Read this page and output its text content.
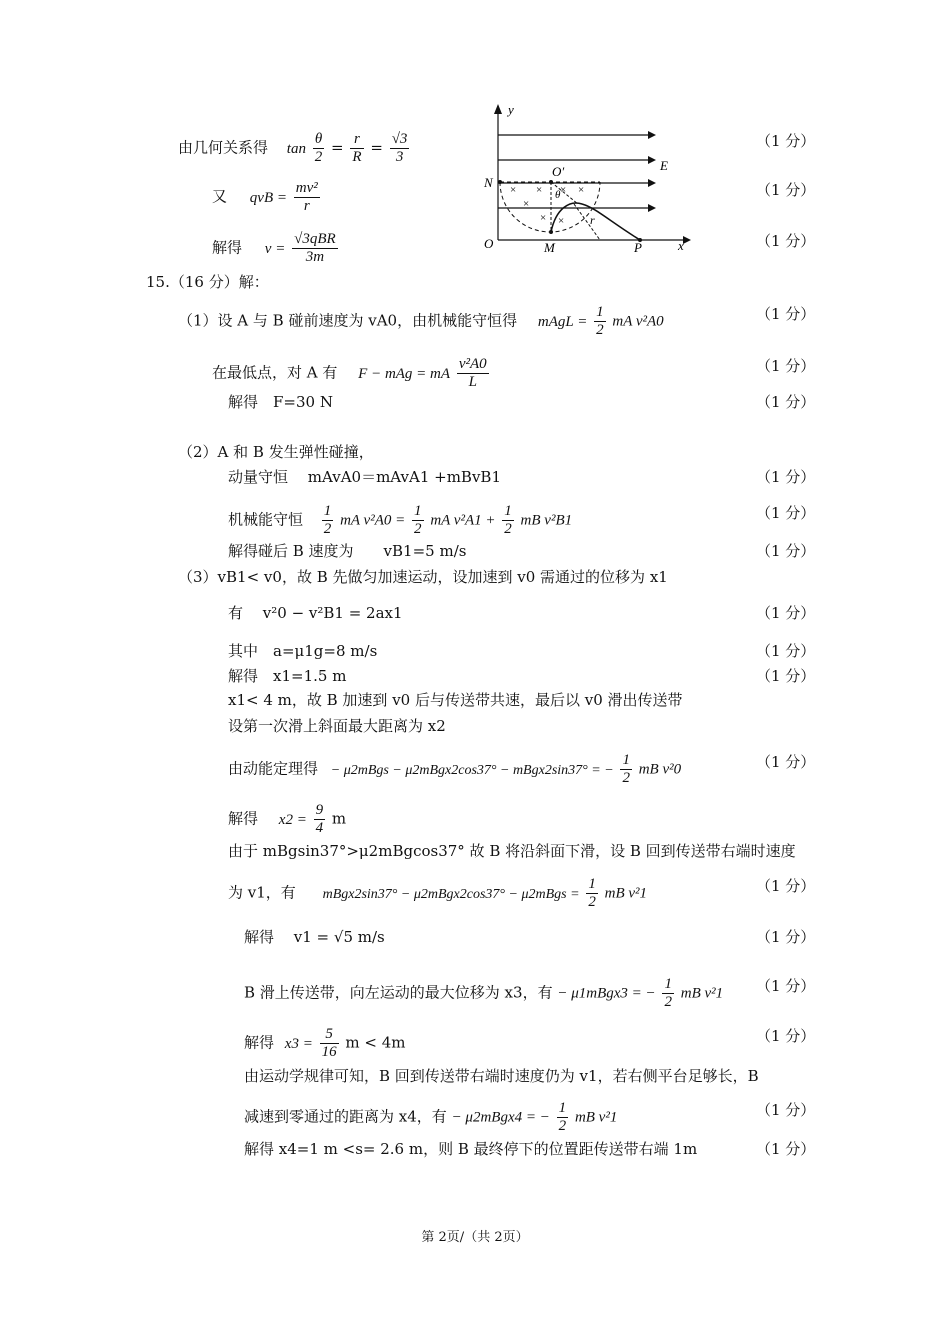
由几何关系得 $\tan \frac{\theta}{2} = \frac{r}{R} = \frac{√3}{3}$	（1 分）
又 qvB = $\frac{\text{mv²}}{r}$	（1 分）
解得 $v = \frac{\text{√3qBR}}{3m}$	（1 分）
× × × ×
×
× ×
y
x
O
N
M	P
E
O′
θ
r
15.（16 分）解：
（1）设 A 与 B 碰前速度为 vA0，由机械能守恒得 mAgL = $\frac{1}{2}$ mA v²A0	（1 分）
在最低点，对 A 有 F − mAg = mA $\frac{\text{v²A0}}{L}$	（1 分）
解得　F=30 N	（1 分）
（2）A 和 B 发生弹性碰撞，
动量守恒　 mAvA0＝mAvA1 +mBvB1	（1 分）
机械能守恒 $\frac{1}{2}$ mA $v^2A0 = \frac{1}{2}$ mA $v^2A1 + \frac{1}{2}$ mB v²B1	（1 分）
解得碰后 B 速度为　　vB1=5 m/s	（1 分）
（3）vB1< v0，故 B 先做匀加速运动，设加速到 v0 需通过的位移为 x1
有　 v²0 − v²B1 = 2ax1	（1 分）
其中　a=μ1g=8 m/s	（1 分）
解得　x1=1.5 m	（1 分）
x1< 4 m，故 B 加速到 v0 后与传送带共速，最后以 v0 滑出传送带
设第一次滑上斜面最大距离为 x2
由动能定理得 − μ2mBgs − μ2mBgx2cos37° − mBgx2sin37° = − $\frac{1}{2}$ mB v²0	（1 分）
解得 $x2 = \frac{9}{4}$ m
由于 mBgsin37°>μ2mBgcos37° 故 B 将沿斜面下滑，设 B 回到传送带右端时速度
为 v1，有 mBgx2sin37° − μ2mBgx2cos37° − μ2mBgs = $\frac{1}{2}$ mB v²1	（1 分）
解得　 v1 = √5 m/s	（1 分）
B 滑上传送带，向左运动的最大位移为 x3，有 − μ1mBgx3 = − $\frac{1}{2}$ mB v²1 （1 分）
解得 $x3 = \frac{5}{16}$ m < 4m	（1 分）
由运动学规律可知，B 回到传送带右端时速度仍为 v1，若右侧平台足够长，B
减速到零通过的距离为 x4，有 − μ2mBgx4 = − $\frac{1}{2}$ mB v²1	（1 分）
解得 x4=1 m <s= 2.6 m，则 B 最终停下的位置距传送带右端 1m	（1 分）
第 2页/（共 2页）
